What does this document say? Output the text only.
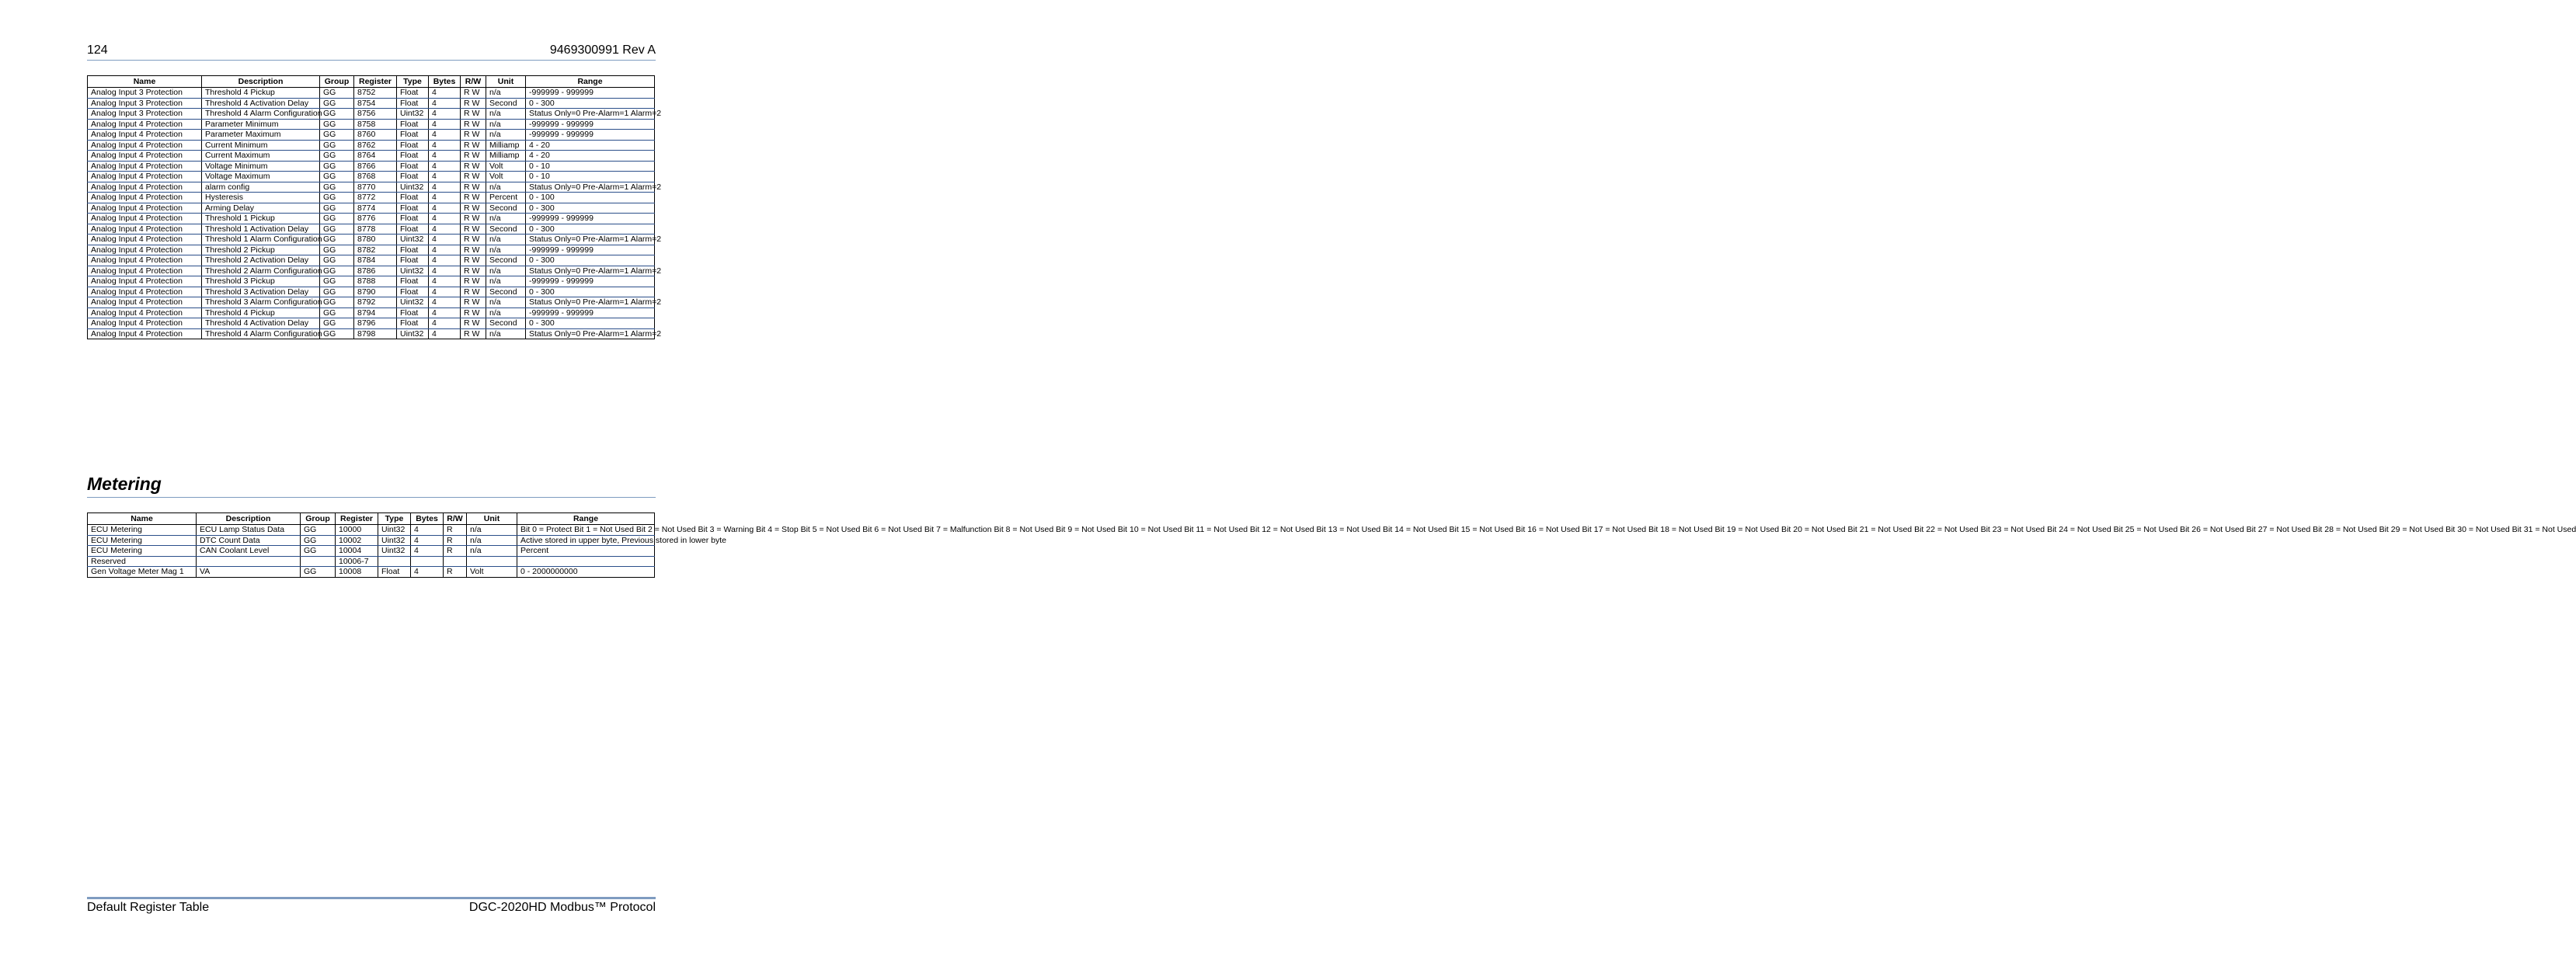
124	9469300991 Rev A
Name	Description	Group	Register	Type	Bytes	R/W	Unit	Range
Analog Input 3 Protection	Threshold 4 Pickup	GG	8752	Float	4	R W	n/a	-999999 - 999999
Analog Input 3 Protection	Threshold 4 Activation Delay	GG	8754	Float	4	R W	Second	0 - 300
Analog Input 3 Protection	Threshold 4 Alarm Configuration	GG	8756	Uint32	4	R W	n/a	Status Only=0 Pre-Alarm=1 Alarm=2
Analog Input 4 Protection	Parameter Minimum	GG	8758	Float	4	R W	n/a	-999999 - 999999
Analog Input 4 Protection	Parameter Maximum	GG	8760	Float	4	R W	n/a	-999999 - 999999
Analog Input 4 Protection	Current Minimum	GG	8762	Float	4	R W	Milliamp	4 - 20
Analog Input 4 Protection	Current Maximum	GG	8764	Float	4	R W	Milliamp	4 - 20
Analog Input 4 Protection	Voltage Minimum	GG	8766	Float	4	R W	Volt	0 - 10
Analog Input 4 Protection	Voltage Maximum	GG	8768	Float	4	R W	Volt	0 - 10
Analog Input 4 Protection	alarm config	GG	8770	Uint32	4	R W	n/a	Status Only=0 Pre-Alarm=1 Alarm=2
Analog Input 4 Protection	Hysteresis	GG	8772	Float	4	R W	Percent	0 - 100
Analog Input 4 Protection	Arming Delay	GG	8774	Float	4	R W	Second	0 - 300
Analog Input 4 Protection	Threshold 1 Pickup	GG	8776	Float	4	R W	n/a	-999999 - 999999
Analog Input 4 Protection	Threshold 1 Activation Delay	GG	8778	Float	4	R W	Second	0 - 300
Analog Input 4 Protection	Threshold 1 Alarm Configuration	GG	8780	Uint32	4	R W	n/a	Status Only=0 Pre-Alarm=1 Alarm=2
Analog Input 4 Protection	Threshold 2 Pickup	GG	8782	Float	4	R W	n/a	-999999 - 999999
Analog Input 4 Protection	Threshold 2 Activation Delay	GG	8784	Float	4	R W	Second	0 - 300
Analog Input 4 Protection	Threshold 2 Alarm Configuration	GG	8786	Uint32	4	R W	n/a	Status Only=0 Pre-Alarm=1 Alarm=2
Analog Input 4 Protection	Threshold 3 Pickup	GG	8788	Float	4	R W	n/a	-999999 - 999999
Analog Input 4 Protection	Threshold 3 Activation Delay	GG	8790	Float	4	R W	Second	0 - 300
Analog Input 4 Protection	Threshold 3 Alarm Configuration	GG	8792	Uint32	4	R W	n/a	Status Only=0 Pre-Alarm=1 Alarm=2
Analog Input 4 Protection	Threshold 4 Pickup	GG	8794	Float	4	R W	n/a	-999999 - 999999
Analog Input 4 Protection	Threshold 4 Activation Delay	GG	8796	Float	4	R W	Second	0 - 300
Analog Input 4 Protection	Threshold 4 Alarm Configuration	GG	8798	Uint32	4	R W	n/a	Status Only=0 Pre-Alarm=1 Alarm=2
Metering
Name	Description	Group	Register	Type	Bytes	R/W	Unit	Range
ECU Metering	ECU Lamp Status Data	GG	10000	Uint32	4	R	n/a	Bit 0 = Protect Bit 1 = Not Used Bit 2 = Not Used Bit 3 = Warning Bit 4 = Stop Bit 5 = Not Used Bit 6 = Not Used Bit 7 = Malfunction Bit 8 = Not Used Bit 9 = Not Used Bit 10 = Not Used Bit 11 = Not Used Bit 12 = Not Used Bit 13 = Not Used Bit 14 = Not Used Bit 15 = Not Used Bit 16 = Not Used Bit 17 = Not Used Bit 18 = Not Used Bit 19 = Not Used Bit 20 = Not Used Bit 21 = Not Used Bit 22 = Not Used Bit 23 = Not Used Bit 24 = Not Used Bit 25 = Not Used Bit 26 = Not Used Bit 27 = Not Used Bit 28 = Not Used Bit 29 = Not Used Bit 30 = Not Used Bit 31 = Not Used
ECU Metering	DTC Count Data	GG	10002	Uint32	4	R	n/a	Active stored in upper byte, Previous stored in lower byte
ECU Metering	CAN Coolant Level	GG	10004	Uint32	4	R	n/a	Percent
Reserved			10006-7					
Gen Voltage Meter Mag 1	VA	GG	10008	Float	4	R	Volt	0 - 2000000000
Default Register Table	DGC-2020HD Modbus™ Protocol
